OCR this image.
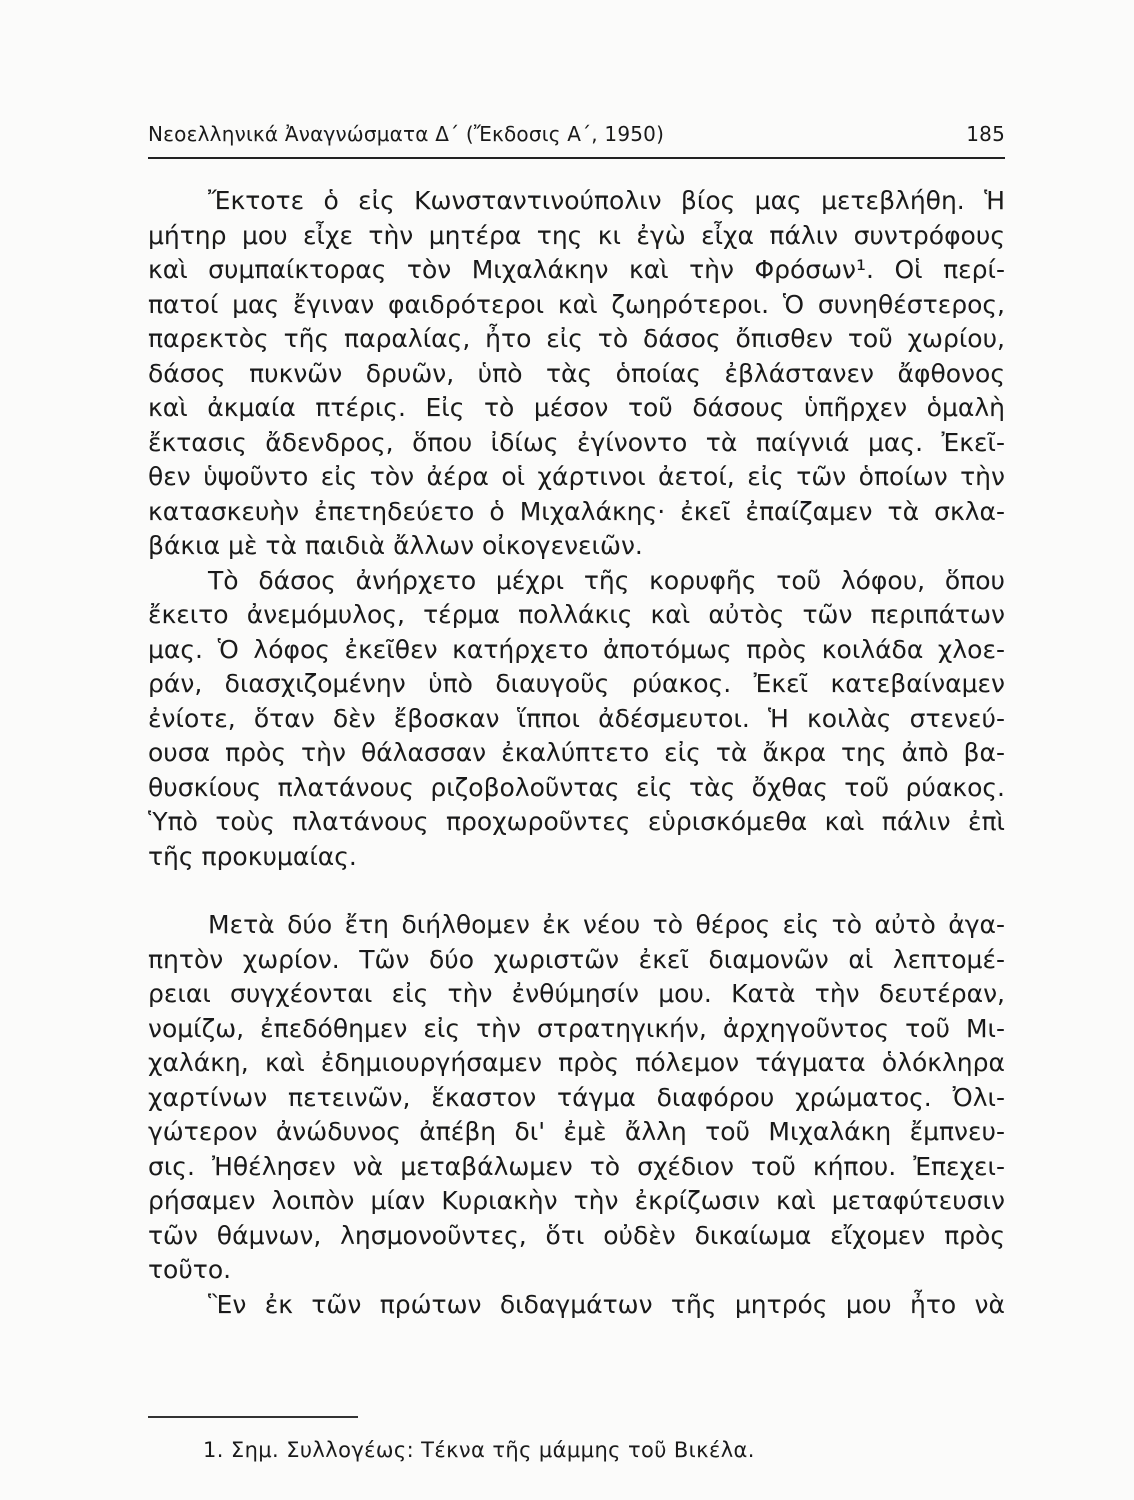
Νεοελληνικά Ἀναγνώσματα Δ΄ (Ἔκδοσις Α΄, 1950)	185
Ἔκτοτε ὁ εἰς Κωνσταντινούπολιν βίος μας μετεβλήθη. Ἡ
μήτηρ μου εἶχε τὴν μητέρα της κι ἐγὼ εἶχα πάλιν συντρόφους
καὶ συμπαίκτορας τὸν Μιχαλάκην καὶ τὴν Φρόσων¹. Οἱ περί-
πατοί μας ἔγιναν φαιδρότεροι καὶ ζωηρότεροι. Ὁ συνηθέστερος,
παρεκτὸς τῆς παραλίας, ἦτο εἰς τὸ δάσος ὄπισθεν τοῦ χωρίου,
δάσος πυκνῶν δρυῶν, ὑπὸ τὰς ὁποίας ἐβλάστανεν ἄφθονος
καὶ ἀκμαία πτέρις. Εἰς τὸ μέσον τοῦ δάσους ὑπῆρχεν ὁμαλὴ
ἔκτασις ἄδενδρος, ὅπου ἰδίως ἐγίνοντο τὰ παίγνιά μας. Ἐκεῖ-
θεν ὑψοῦντο εἰς τὸν ἀέρα οἱ χάρτινοι ἀετοί, εἰς τῶν ὁποίων τὴν
κατασκευὴν ἐπετηδεύετο ὁ Μιχαλάκης· ἐκεῖ ἐπαίζαμεν τὰ σκλα-
βάκια μὲ τὰ παιδιὰ ἄλλων οἰκογενειῶν.
Τὸ δάσος ἀνήρχετο μέχρι τῆς κορυφῆς τοῦ λόφου, ὅπου
ἔκειτο ἀνεμόμυλος, τέρμα πολλάκις καὶ αὐτὸς τῶν περιπάτων
μας. Ὁ λόφος ἐκεῖθεν κατήρχετο ἀποτόμως πρὸς κοιλάδα χλοε-
ράν, διασχιζομένην ὑπὸ διαυγοῦς ρύακος. Ἐκεῖ κατεβαίναμεν
ἐνίοτε, ὅταν δὲν ἔβοσκαν ἵπποι ἀδέσμευτοι. Ἡ κοιλὰς στενεύ-
ουσα πρὸς τὴν θάλασσαν ἐκαλύπτετο εἰς τὰ ἄκρα της ἀπὸ βα-
θυσκίους πλατάνους ριζοβολοῦντας εἰς τὰς ὄχθας τοῦ ρύακος.
Ὑπὸ τοὺς πλατάνους προχωροῦντες εὑρισκόμεθα καὶ πάλιν ἐπὶ
τῆς προκυμαίας.
Μετὰ δύο ἔτη διήλθομεν ἐκ νέου τὸ θέρος εἰς τὸ αὐτὸ ἀγα-
πητὸν χωρίον. Τῶν δύο χωριστῶν ἐκεῖ διαμονῶν αἱ λεπτομέ-
ρειαι συγχέονται εἰς τὴν ἐνθύμησίν μου. Κατὰ τὴν δευτέραν,
νομίζω, ἐπεδόθημεν εἰς τὴν στρατηγικήν, ἀρχηγοῦντος τοῦ Μι-
χαλάκη, καὶ ἐδημιουργήσαμεν πρὸς πόλεμον τάγματα ὁλόκληρα
χαρτίνων πετεινῶν, ἕκαστον τάγμα διαφόρου χρώματος. Ὀλι-
γώτερον ἀνώδυνος ἀπέβη δι' ἐμὲ ἄλλη τοῦ Μιχαλάκη ἔμπνευ-
σις. Ἠθέλησεν νὰ μεταβάλωμεν τὸ σχέδιον τοῦ κήπου. Ἐπεχει-
ρήσαμεν λοιπὸν μίαν Κυριακὴν τὴν ἐκρίζωσιν καὶ μεταφύτευσιν
τῶν θάμνων, λησμονοῦντες, ὅτι οὐδὲν δικαίωμα εἴχομεν πρὸς
τοῦτο.
Ἓν ἐκ τῶν πρώτων διδαγμάτων τῆς μητρός μου ἦτο νὰ
1. Σημ. Συλλογέως: Τέκνα τῆς μάμμης τοῦ Βικέλα.
